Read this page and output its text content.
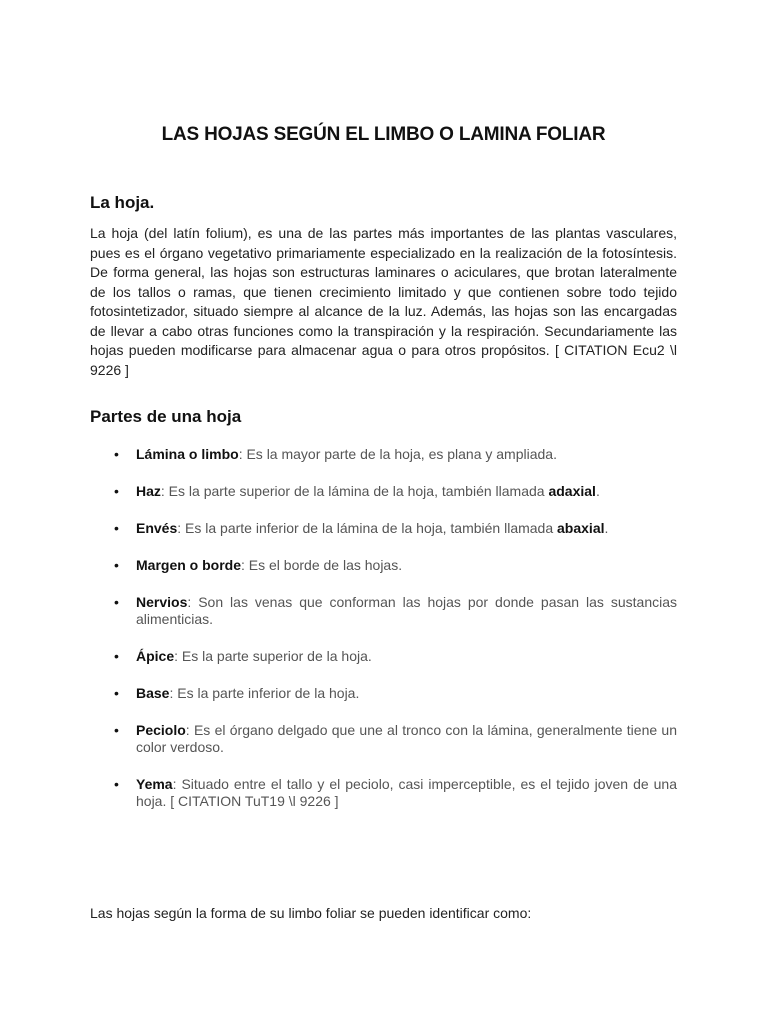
LAS HOJAS SEGÚN EL LIMBO O LAMINA FOLIAR
La hoja.

La hoja (del latín folium), es una de las partes más importantes de las plantas vasculares, pues es el órgano vegetativo primariamente especializado en la realización de la fotosíntesis. De forma general, las hojas son estructuras laminares o aciculares, que brotan lateralmente de los tallos o ramas, que tienen crecimiento limitado y que contienen sobre todo tejido fotosintetizador, situado siempre al alcance de la luz. Además, las hojas son las encargadas de llevar a cabo otras funciones como la transpiración y la respiración. Secundariamente las hojas pueden modificarse para almacenar agua o para otros propósitos. [ CITATION Ecu2 \l 9226 ]

Partes de una hoja
• Lámina o limbo: Es la mayor parte de la hoja, es plana y ampliada.
• Haz: Es la parte superior de la lámina de la hoja, también llamada adaxial.
• Envés: Es la parte inferior de la lámina de la hoja, también llamada abaxial.
• Margen o borde: Es el borde de las hojas.
• Nervios: Son las venas que conforman las hojas por donde pasan las sustancias alimenticias.
• Ápice: Es la parte superior de la hoja.
• Base: Es la parte inferior de la hoja.
• Peciolo: Es el órgano delgado que une al tronco con la lámina, generalmente tiene un color verdoso.
• Yema: Situado entre el tallo y el peciolo, casi imperceptible, es el tejido joven de una hoja. [ CITATION TuT19 \l 9226 ]

Las hojas según la forma de su limbo foliar se pueden identificar como:
